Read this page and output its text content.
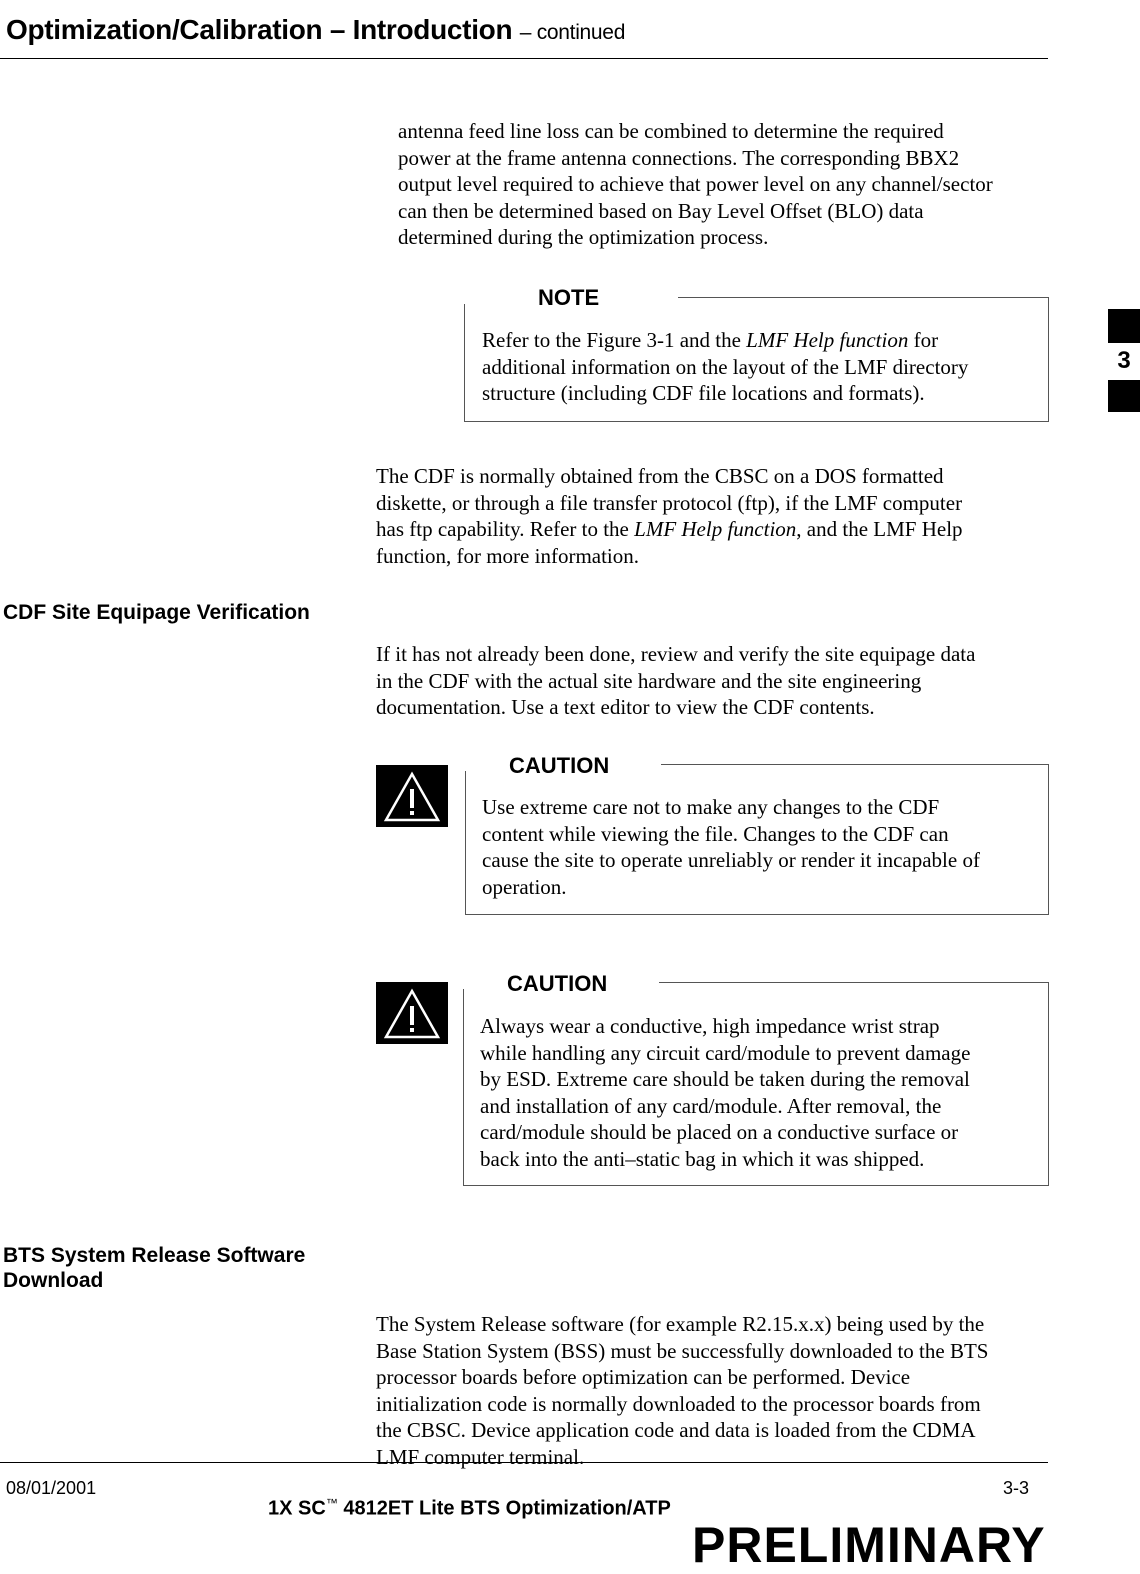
Optimization/Calibration – Introduction – continued
3

antenna feed line loss can be combined to determine the required

power at the frame antenna connections. The corresponding BBX2

output level required to achieve that power level on any channel/sector

can then be determined based on Bay Level Offset (BLO) data

determined during the optimization process.

NOTE

Refer to the Figure 3-1 and the LMF Help function for

additional information on the layout of the LMF directory

structure (including CDF file locations and formats).

The CDF is normally obtained from the CBSC on a DOS formatted

diskette, or through a file transfer protocol (ftp), if the LMF computer

has ftp capability. Refer to the LMF Help function, and the LMF Help

function, for more information.

CDF Site Equipage Verification

If it has not already been done, review and verify the site equipage data

in the CDF with the actual site hardware and the site engineering

documentation. Use a text editor to view the CDF contents.

CAUTION

Use extreme care not to make any changes to the CDF

content while viewing the file. Changes to the CDF can

cause the site to operate unreliably or render it incapable of

operation.

CAUTION

Always wear a conductive, high impedance wrist strap

while handling any circuit card/module to prevent damage

by ESD. Extreme care should be taken during the removal

and installation of any card/module. After removal, the

card/module should be placed on a conductive surface or

back into the anti–static bag in which it was shipped.

BTS System Release Software
Download

The System Release software (for example R2.15.x.x) being used by the

Base Station System (BSS) must be successfully downloaded to the BTS

processor boards before optimization can be performed. Device

initialization code is normally downloaded to the processor boards from

the CBSC. Device application code and data is loaded from the CDMA

LMF computer terminal.

08/01/2001
1X SC™ 4812ET Lite BTS Optimization/ATP
3-3
PRELIMINARY
